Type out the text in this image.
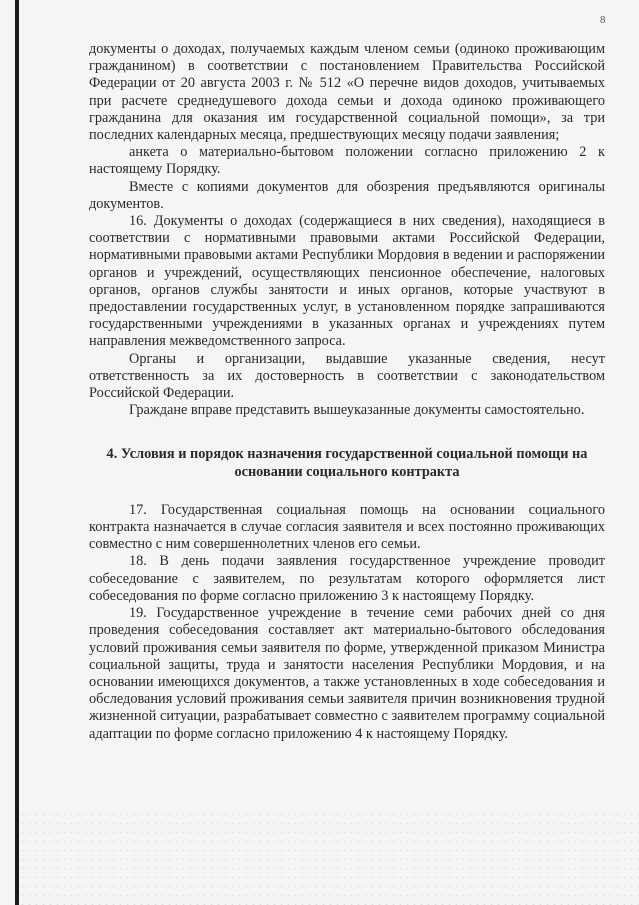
8

документы о доходах, получаемых каждым членом семьи (одиноко проживающим гражданином) в соответствии с постановлением Правительства Российской Федерации от 20 августа 2003 г. № 512 «О перечне видов доходов, учитываемых при расчете среднедушевого дохода семьи и дохода одиноко проживающего гражданина для оказания им государственной социальной помощи», за три последних календарных месяца, предшествующих месяцу подачи заявления;

анкета о материально-бытовом положении согласно приложению 2 к настоящему Порядку.

Вместе с копиями документов для обозрения предъявляются оригиналы документов.

16. Документы о доходах (содержащиеся в них сведения), находящиеся в соответствии с нормативными правовыми актами Российской Федерации, нормативными правовыми актами Республики Мордовия в ведении и распоряжении органов и учреждений, осуществляющих пенсионное обеспечение, налоговых органов, органов службы занятости и иных органов, которые участвуют в предоставлении государственных услуг, в установленном порядке запрашиваются государственными учреждениями в указанных органах и учреждениях путем направления межведомственного запроса.

Органы и организации, выдавшие указанные сведения, несут ответственность за их достоверность в соответствии с законодательством Российской Федерации.

Граждане вправе представить вышеуказанные документы самостоятельно.

4. Условия и порядок назначения государственной социальной помощи на основании социального контракта

17. Государственная социальная помощь на основании социального контракта назначается в случае согласия заявителя и всех постоянно проживающих совместно с ним совершеннолетних членов его семьи.

18. В день подачи заявления государственное учреждение проводит собеседование с заявителем, по результатам которого оформляется лист собеседования по форме согласно приложению 3 к настоящему Порядку.

19. Государственное учреждение в течение семи рабочих дней со дня проведения собеседования составляет акт материально-бытового обследования условий проживания семьи заявителя по форме, утвержденной приказом Министра социальной защиты, труда и занятости населения Республики Мордовия, и на основании имеющихся документов, а также установленных в ходе собеседования и обследования условий проживания семьи заявителя причин возникновения трудной жизненной ситуации, разрабатывает совместно с заявителем программу социальной адаптации по форме согласно приложению 4 к настоящему Порядку.
